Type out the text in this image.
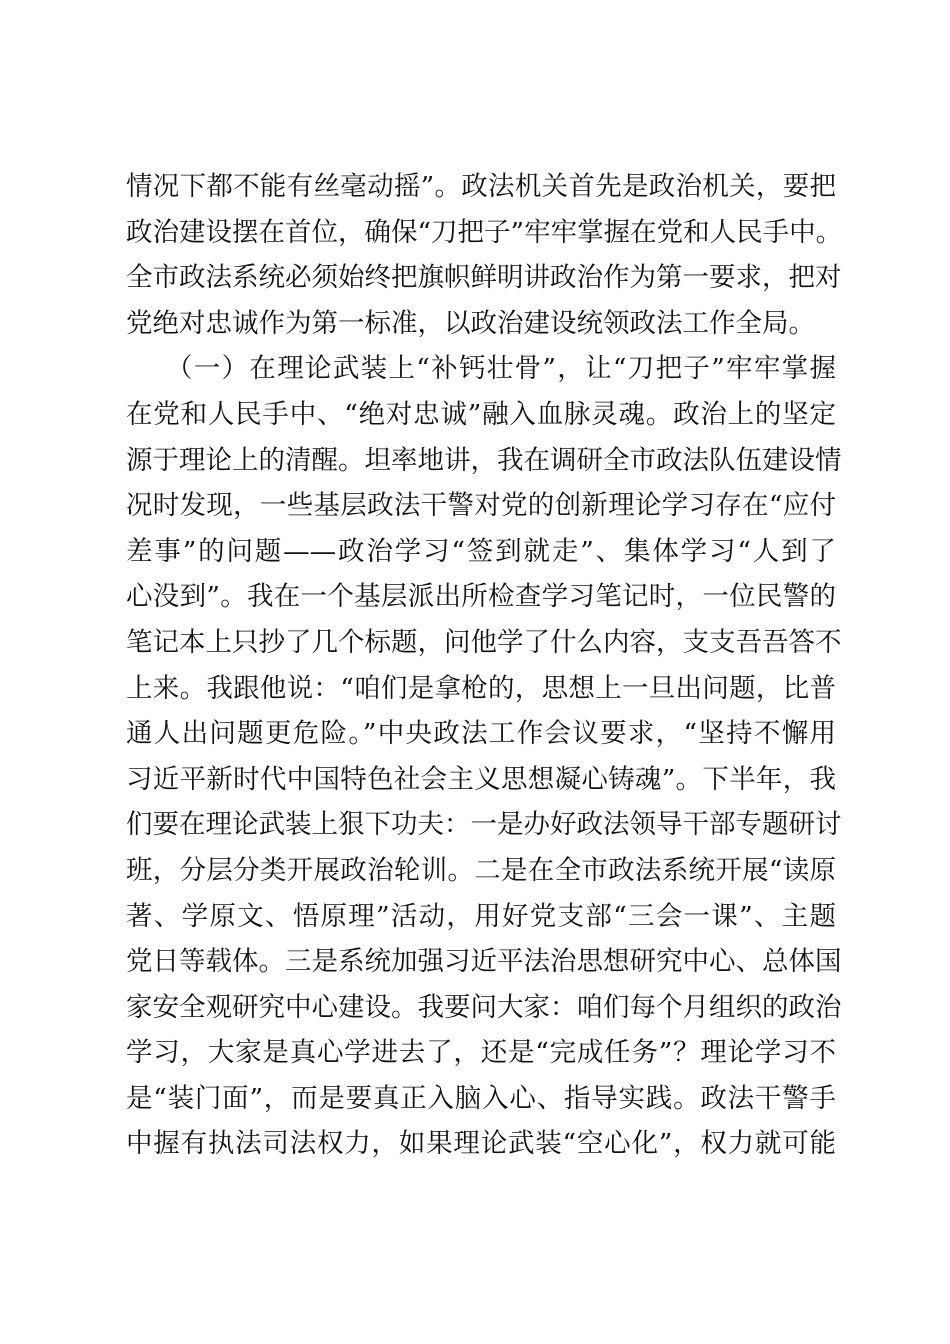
情况下都不能有丝毫动摇”。政法机关首先是政治机关，要把
政治建设摆在首位，确保“刀把子”牢牢掌握在党和人民手中。
全市政法系统必须始终把旗帜鲜明讲政治作为第一要求，把对
党绝对忠诚作为第一标准，以政治建设统领政法工作全局。
（一）在理论武装上“补钙壮骨”，让“刀把子”牢牢掌握
在党和人民手中、“绝对忠诚”融入血脉灵魂。政治上的坚定
源于理论上的清醒。坦率地讲，我在调研全市政法队伍建设情
况时发现，一些基层政法干警对党的创新理论学习存在“应付
差事”的问题——政治学习“签到就走”、集体学习“人到了
心没到”。我在一个基层派出所检查学习笔记时，一位民警的
笔记本上只抄了几个标题，问他学了什么内容，支支吾吾答不
上来。我跟他说：“咱们是拿枪的，思想上一旦出问题，比普
通人出问题更危险。”中央政法工作会议要求，“坚持不懈用
习近平新时代中国特色社会主义思想凝心铸魂”。下半年，我
们要在理论武装上狠下功夫：一是办好政法领导干部专题研讨
班，分层分类开展政治轮训。二是在全市政法系统开展“读原
著、学原文、悟原理”活动，用好党支部“三会一课”、主题
党日等载体。三是系统加强习近平法治思想研究中心、总体国
家安全观研究中心建设。我要问大家：咱们每个月组织的政治
学习，大家是真心学进去了，还是“完成任务”？理论学习不
是“装门面”，而是要真正入脑入心、指导实践。政法干警手
中握有执法司法权力，如果理论武装“空心化”，权力就可能
